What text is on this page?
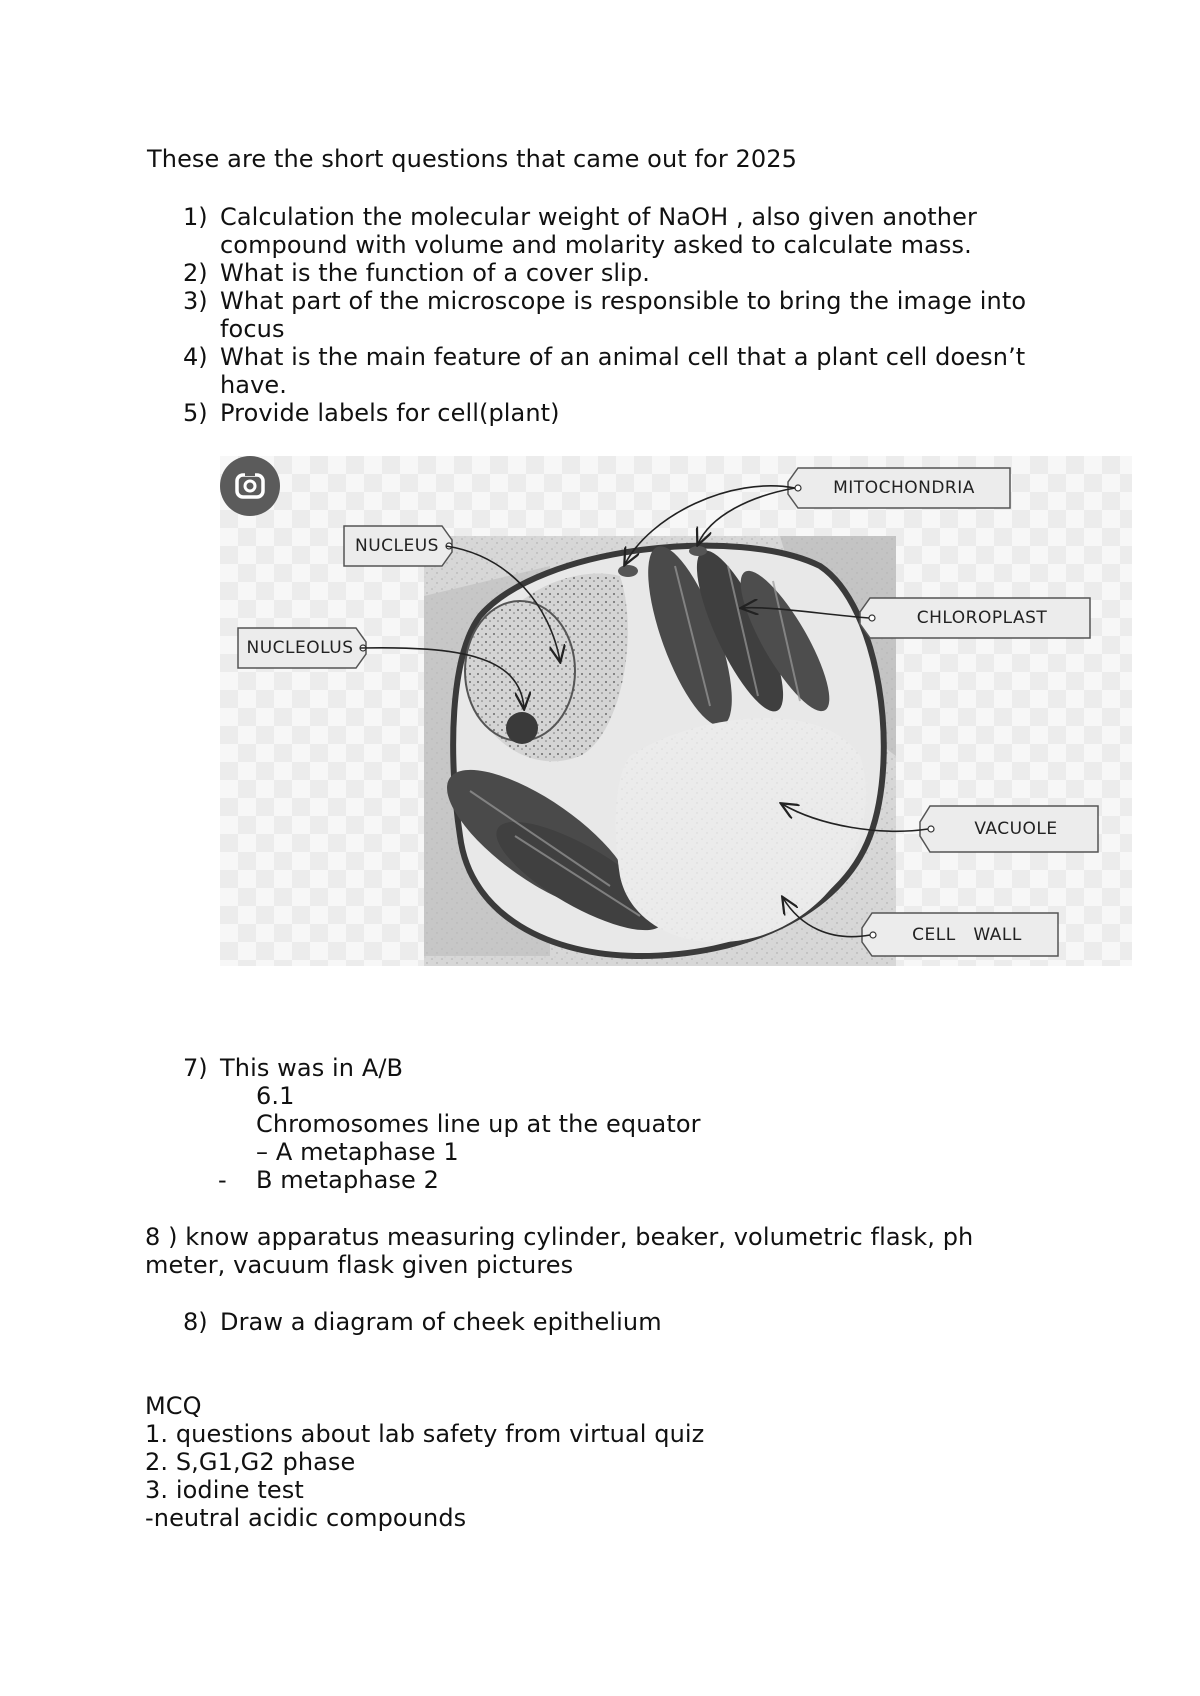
These are the short questions that came out for 2025
1) Calculation the molecular weight of NaOH , also given another
compound with volume and molarity asked to calculate mass.
2) What is the function of a cover slip.
3) What part of the microscope is responsible to bring the image into
focus
4) What is the main feature of an animal cell that a plant cell doesn’t
have.
5) Provide labels for cell(plant)
MITOCHONDRIA
NUCLEUS
CHLOROPLAST
NUCLEOLUS
VACUOLE
CELL   WALL
7) This was in A/B
6.1
Chromosomes line up at the equator
– A metaphase 1
- B metaphase 2
8 ) know apparatus measuring cylinder, beaker, volumetric flask, ph
meter, vacuum flask given pictures
8) Draw a diagram of cheek epithelium
MCQ
1. questions about lab safety from virtual quiz
2. S,G1,G2 phase
3. iodine test
-neutral acidic compounds
